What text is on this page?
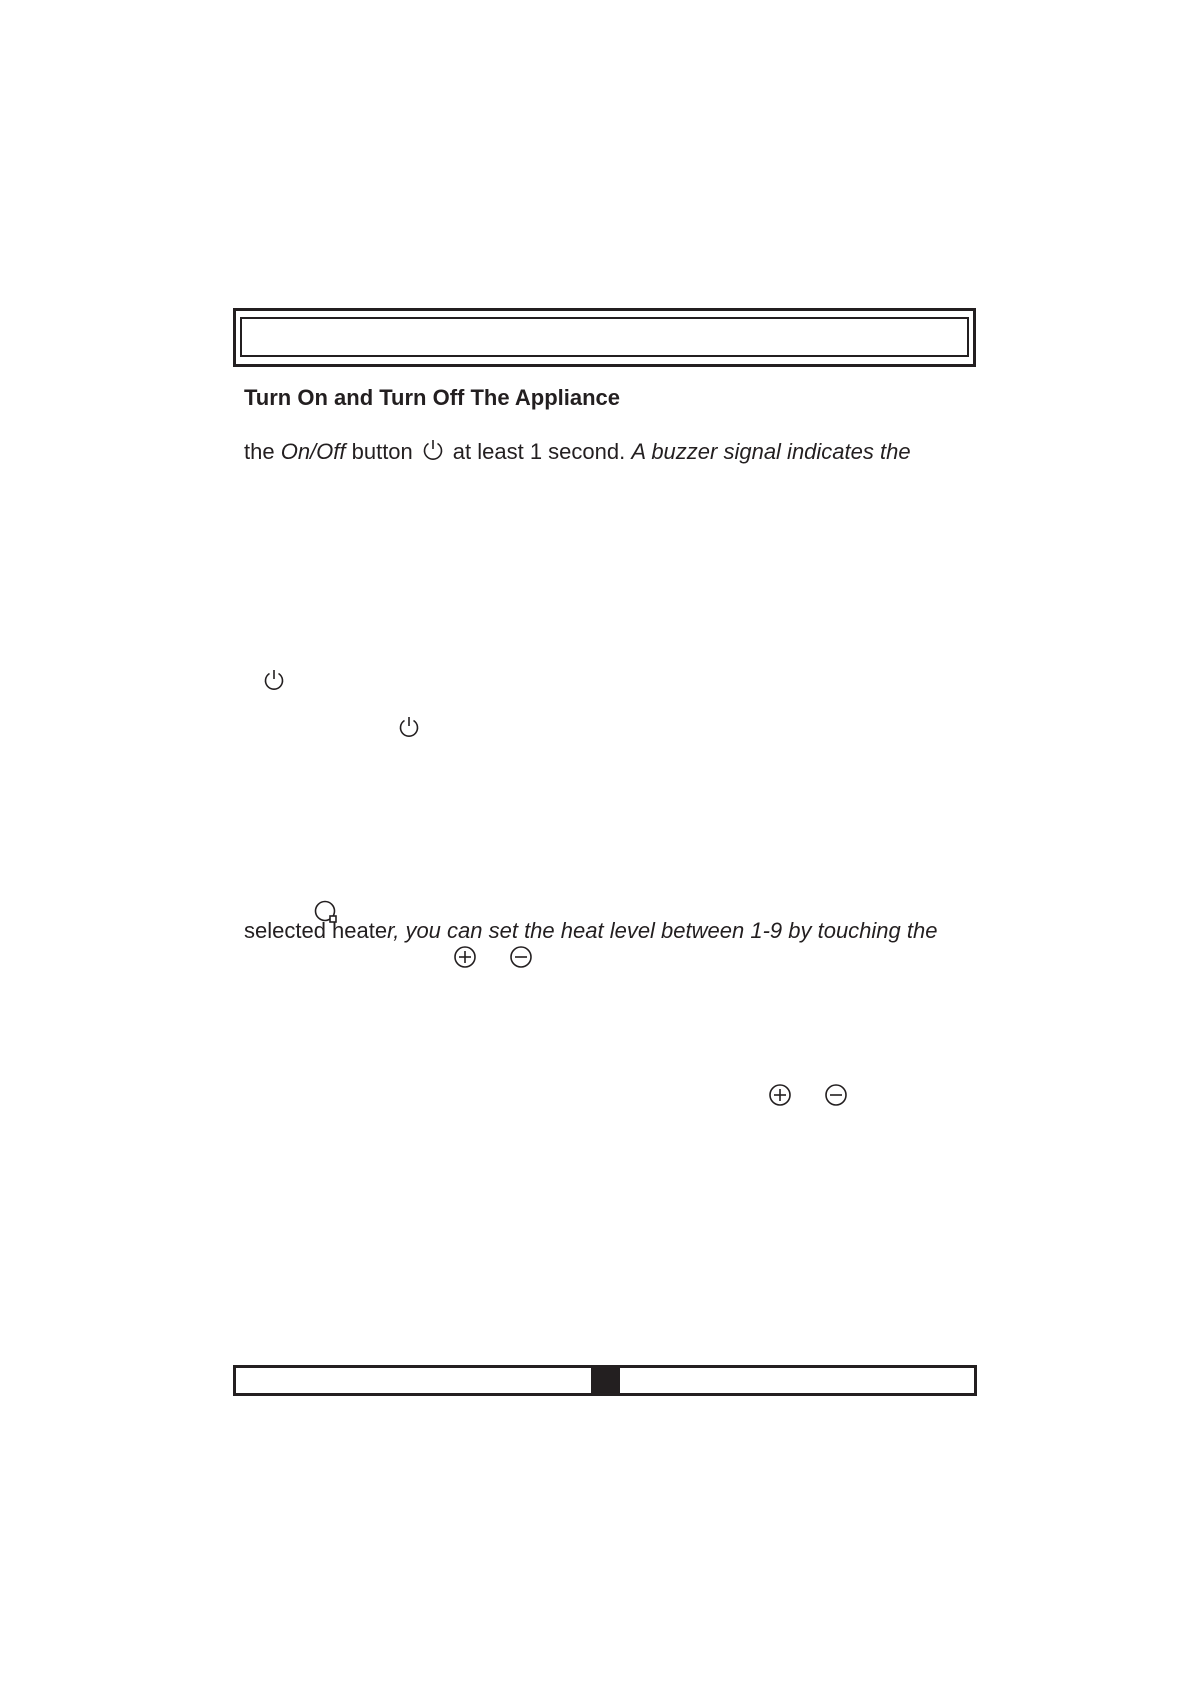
Turn On and Turn Off The Appliance
the On/Off button at least 1 second. A buzzer signal indicates the
selected heater, you can set the heat level between 1-9 by touching the
